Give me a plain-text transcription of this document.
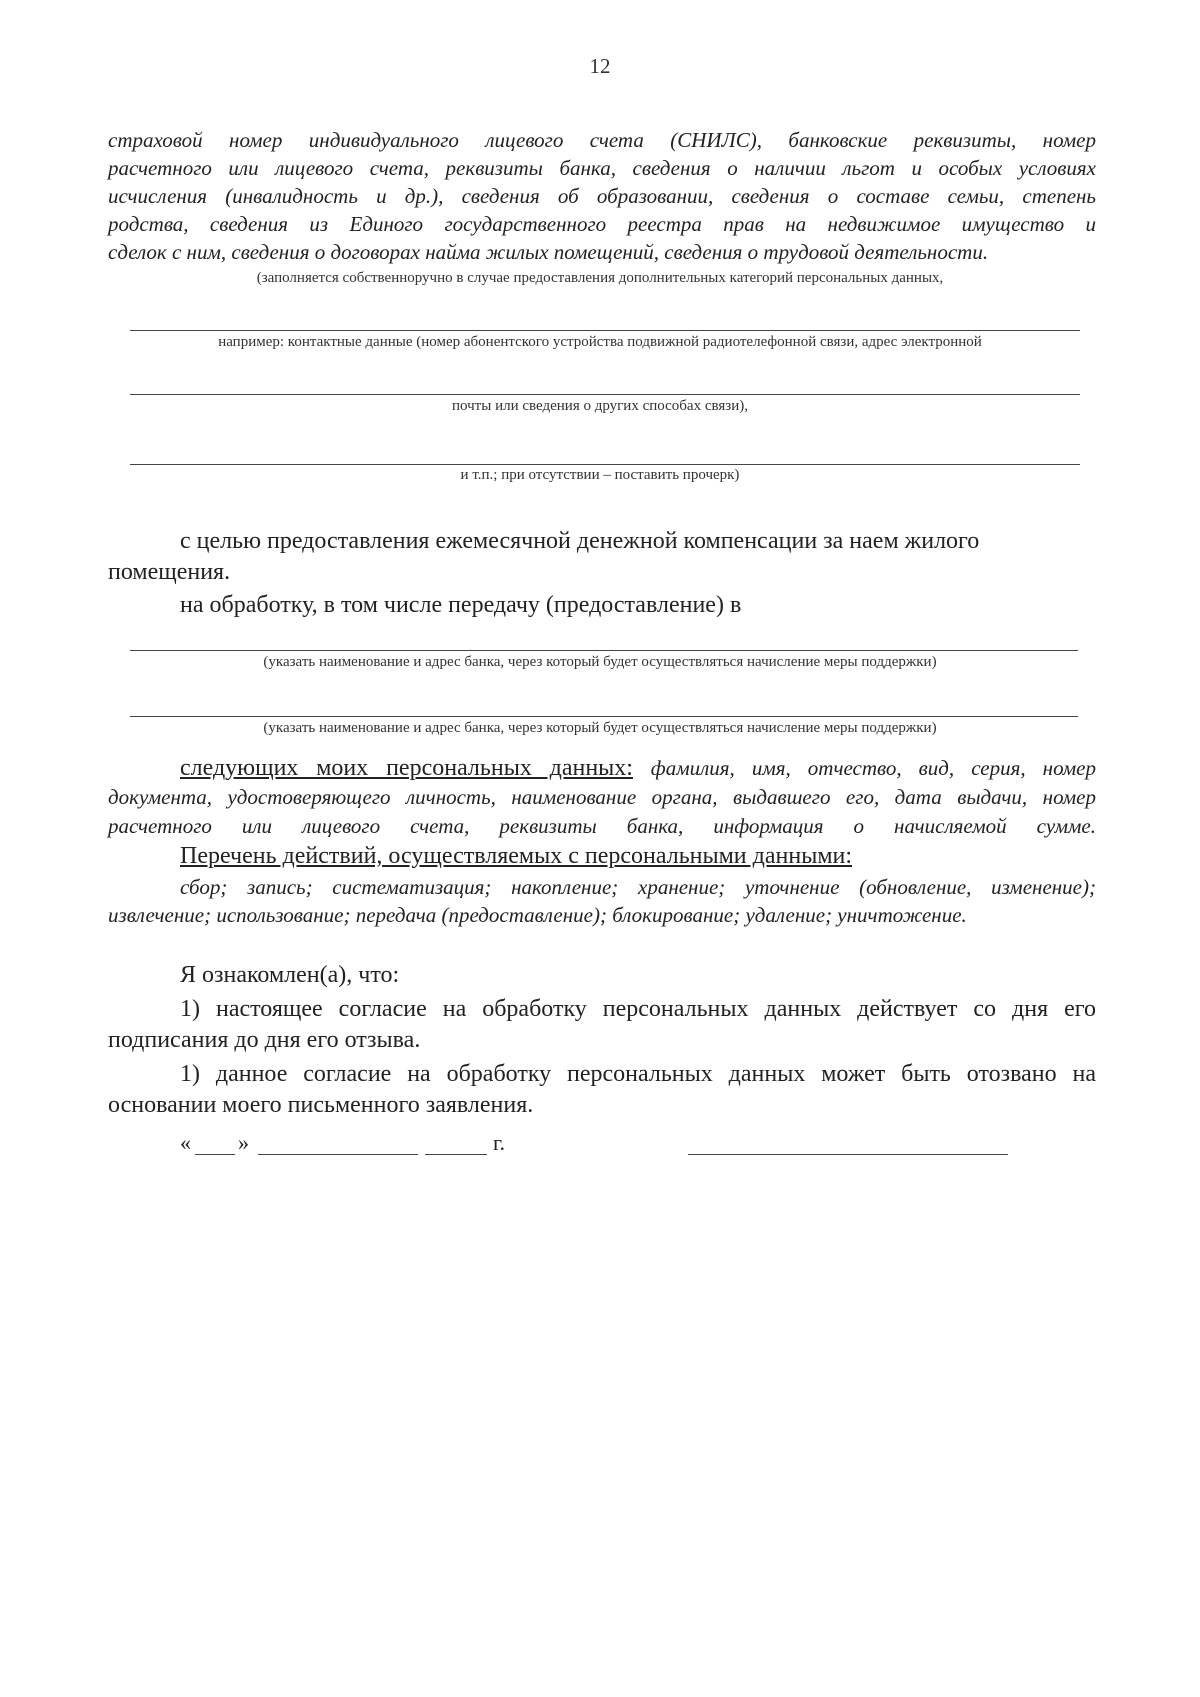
12
страховой номер индивидуального лицевого счета (СНИЛС), банковские реквизиты, номер
расчетного или лицевого счета, реквизиты банка, сведения о наличии льгот и особых условиях
исчисления (инвалидность и др.), сведения об образовании, сведения о составе семьи, степень
родства, сведения из Единого государственного реестра прав на недвижимое имущество и
сделок с ним, сведения о договорах найма жилых помещений, сведения о трудовой деятельности.
(заполняется собственноручно в случае предоставления дополнительных категорий персональных данных,
например: контактные данные (номер абонентского устройства подвижной радиотелефонной связи, адрес электронной
почты или сведения о других способах связи),
и т.п.; при отсутствии – поставить прочерк)
с целью предоставления ежемесячной денежной компенсации за наем жилого помещения.
на обработку, в том числе передачу (предоставление) в
(указать наименование и адрес банка, через который будет осуществляться начисление меры поддержки)
(указать наименование и адрес банка, через который будет осуществляться начисление меры поддержки)
следующих моих персональных данных: фамилия, имя, отчество, вид, серия, номер документа, удостоверяющего личность, наименование органа, выдавшего его, дата выдачи, номер расчетного или лицевого счета, реквизиты банка, информация о начисляемой сумме.
Перечень действий, осуществляемых с персональными данными:
сбор; запись; систематизация; накопление; хранение; уточнение (обновление, изменение); извлечение; использование; передача (предоставление); блокирование; удаление; уничтожение.
Я ознакомлен(а), что:
1) настоящее согласие на обработку персональных данных действует со дня его подписания до дня его отзыва.
1) данное согласие на обработку персональных данных может быть отозвано на основании моего письменного заявления.
« »	г.
